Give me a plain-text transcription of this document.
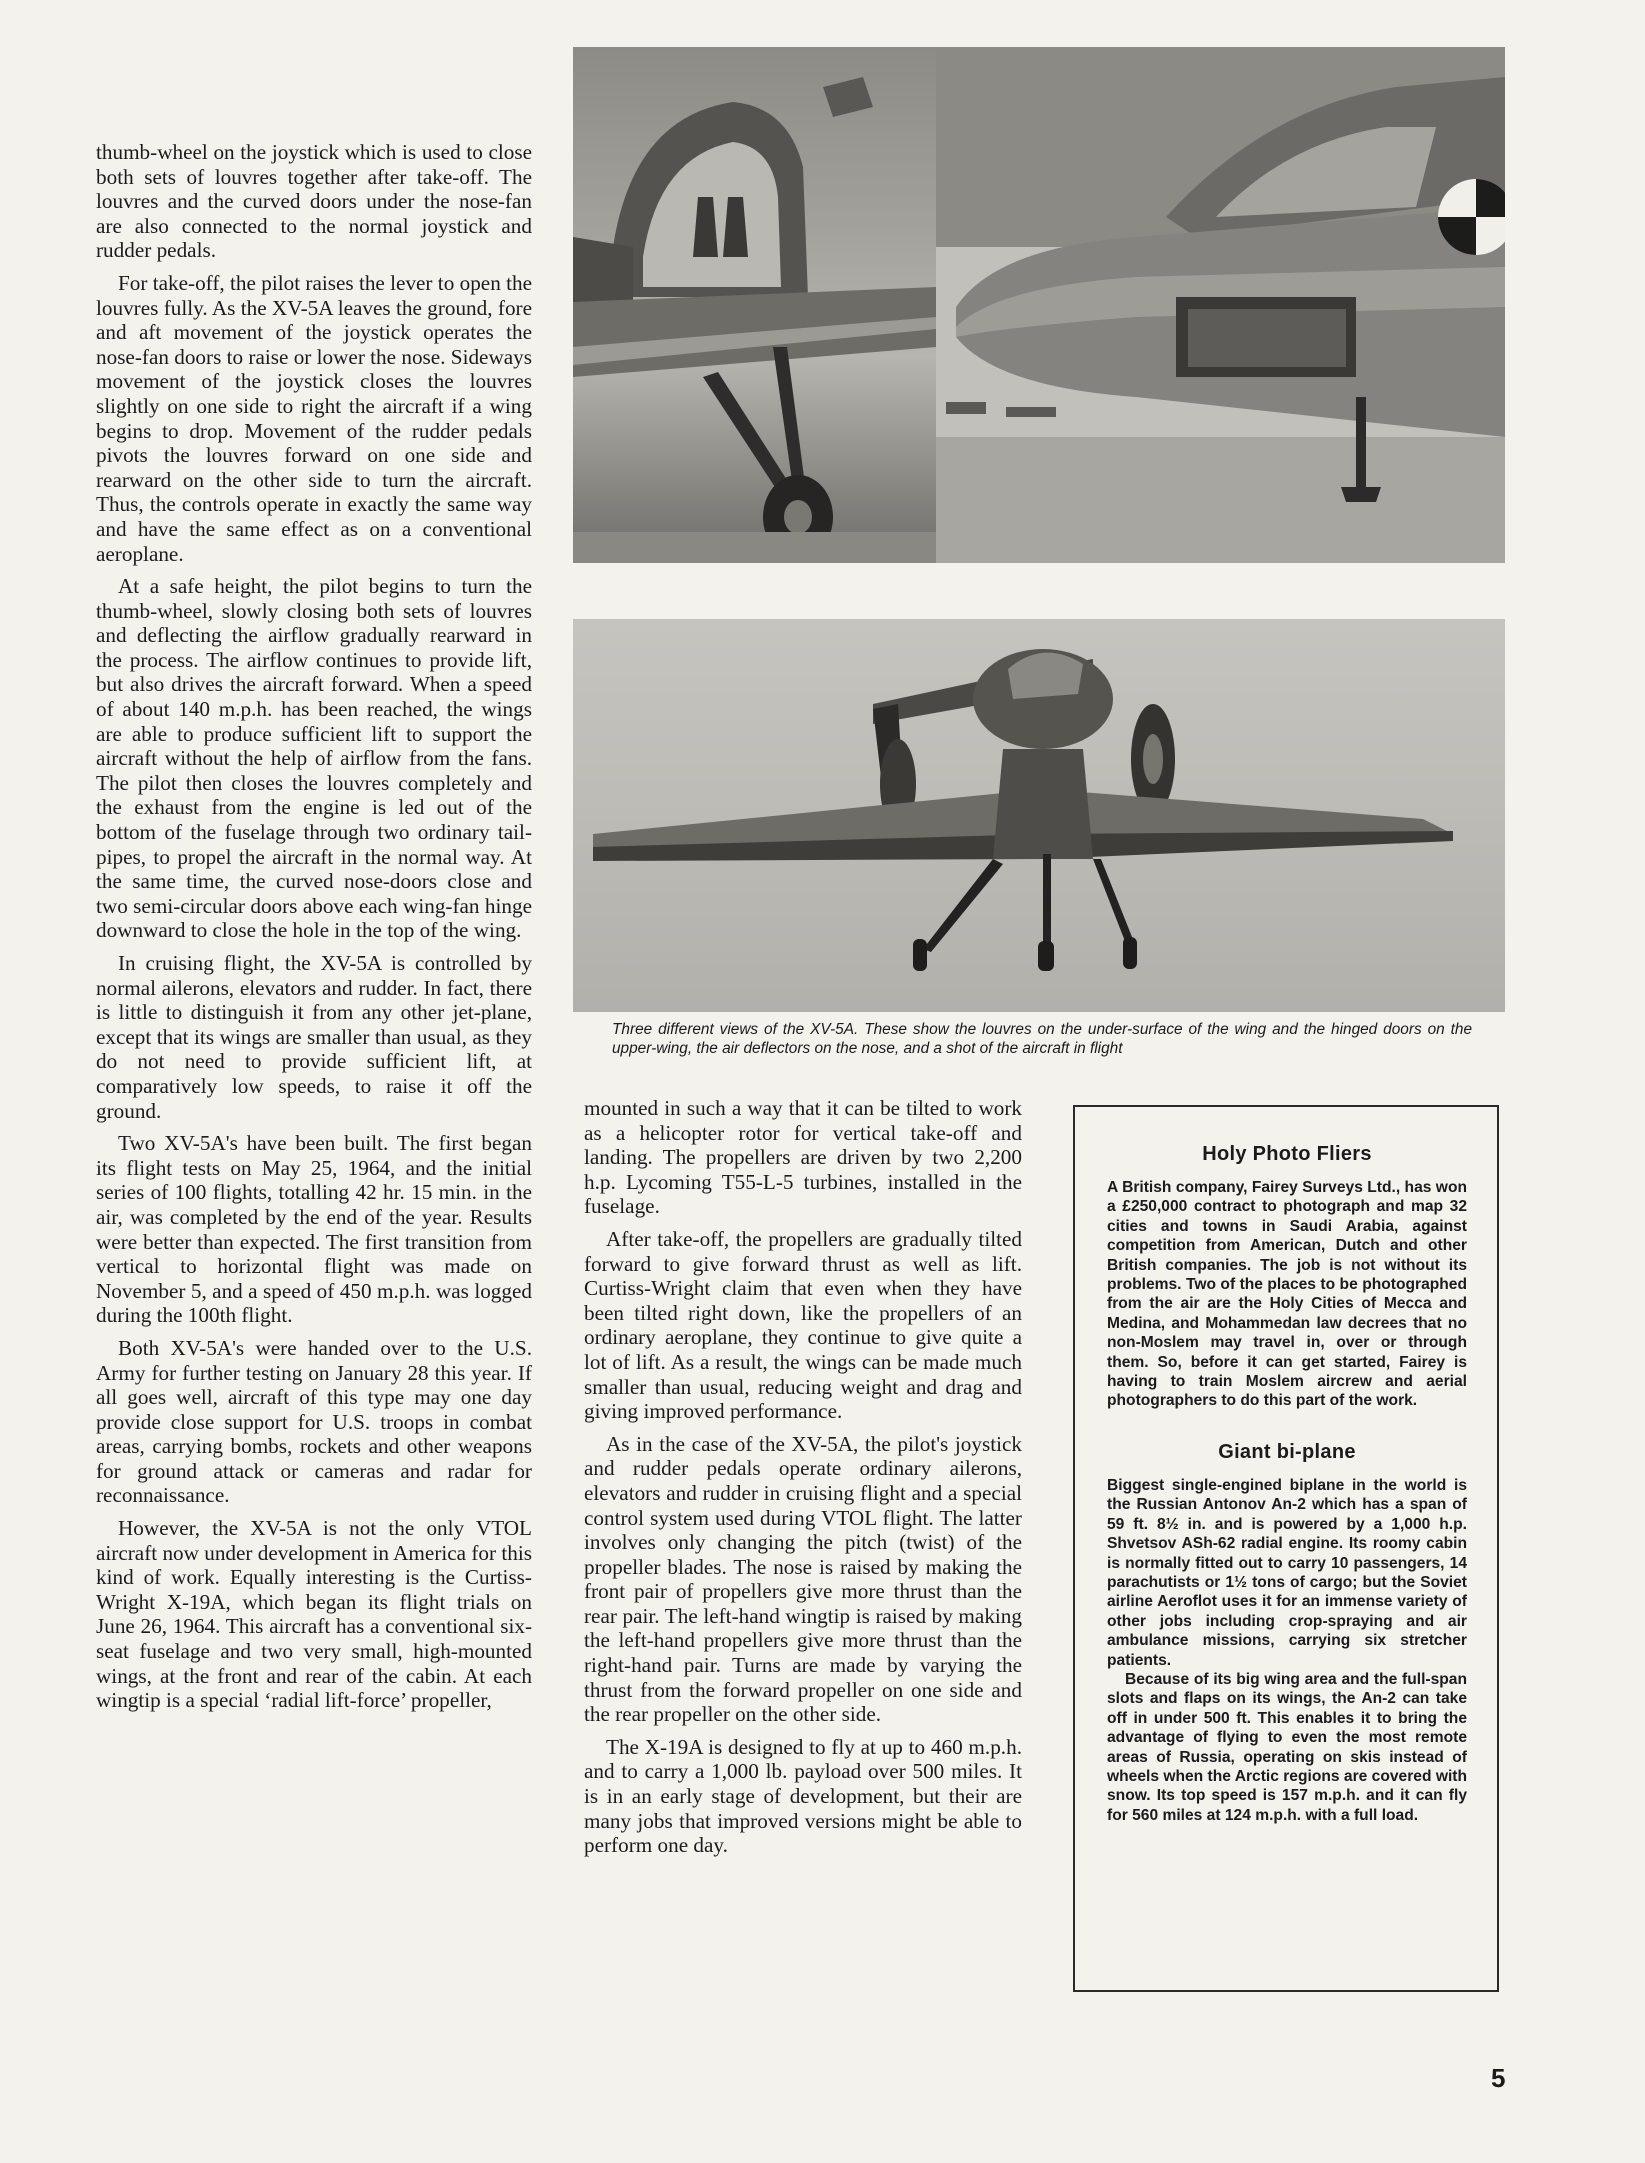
thumb-wheel on the joystick which is used to close both sets of louvres together after take-off. The louvres and the curved doors under the nose-fan are also connected to the normal joystick and rudder pedals.

For take-off, the pilot raises the lever to open the louvres fully. As the XV-5A leaves the ground, fore and aft movement of the joystick operates the nose-fan doors to raise or lower the nose. Sideways movement of the joystick closes the louvres slightly on one side to right the aircraft if a wing begins to drop. Movement of the rudder pedals pivots the louvres forward on one side and rearward on the other side to turn the aircraft. Thus, the controls operate in exactly the same way and have the same effect as on a conventional aeroplane.

At a safe height, the pilot begins to turn the thumb-wheel, slowly closing both sets of louvres and deflecting the airflow gradually rearward in the process. The airflow continues to provide lift, but also drives the aircraft forward. When a speed of about 140 m.p.h. has been reached, the wings are able to produce sufficient lift to support the aircraft without the help of airflow from the fans. The pilot then closes the louvres completely and the exhaust from the engine is led out of the bottom of the fuselage through two ordinary tail-pipes, to propel the aircraft in the normal way. At the same time, the curved nose-doors close and two semi-circular doors above each wing-fan hinge downward to close the hole in the top of the wing.

In cruising flight, the XV-5A is controlled by normal ailerons, elevators and rudder. In fact, there is little to distinguish it from any other jet-plane, except that its wings are smaller than usual, as they do not need to provide sufficient lift, at comparatively low speeds, to raise it off the ground.

Two XV-5A's have been built. The first began its flight tests on May 25, 1964, and the initial series of 100 flights, totalling 42 hr. 15 min. in the air, was completed by the end of the year. Results were better than expected. The first transition from vertical to horizontal flight was made on November 5, and a speed of 450 m.p.h. was logged during the 100th flight.

Both XV-5A's were handed over to the U.S. Army for further testing on January 28 this year. If all goes well, aircraft of this type may one day provide close support for U.S. troops in combat areas, carrying bombs, rockets and other weapons for ground attack or cameras and radar for reconnaissance.

However, the XV-5A is not the only VTOL aircraft now under development in America for this kind of work. Equally interesting is the Curtiss-Wright X-19A, which began its flight trials on June 26, 1964. This aircraft has a conventional six-seat fuselage and two very small, high-mounted wings, at the front and rear of the cabin. At each wingtip is a special ‘radial lift-force’ propeller,

Three different views of the XV-5A. These show the louvres on the under-surface of the wing and the hinged doors on the upper-wing, the air deflectors on the nose, and a shot of the aircraft in flight

mounted in such a way that it can be tilted to work as a helicopter rotor for vertical take-off and landing. The propellers are driven by two 2,200 h.p. Lycoming T55-L-5 turbines, installed in the fuselage.

After take-off, the propellers are gradually tilted forward to give forward thrust as well as lift. Curtiss-Wright claim that even when they have been tilted right down, like the propellers of an ordinary aeroplane, they continue to give quite a lot of lift. As a result, the wings can be made much smaller than usual, reducing weight and drag and giving improved performance.

As in the case of the XV-5A, the pilot's joystick and rudder pedals operate ordinary ailerons, elevators and rudder in cruising flight and a special control system used during VTOL flight. The latter involves only changing the pitch (twist) of the propeller blades. The nose is raised by making the front pair of propellers give more thrust than the rear pair. The left-hand wingtip is raised by making the left-hand propellers give more thrust than the right-hand pair. Turns are made by varying the thrust from the forward propeller on one side and the rear propeller on the other side.

The X-19A is designed to fly at up to 460 m.p.h. and to carry a 1,000 lb. payload over 500 miles. It is in an early stage of development, but their are many jobs that improved versions might be able to perform one day.

Holy Photo Fliers

A British company, Fairey Surveys Ltd., has won a £250,000 contract to photograph and map 32 cities and towns in Saudi Arabia, against competition from American, Dutch and other British companies. The job is not without its problems. Two of the places to be photographed from the air are the Holy Cities of Mecca and Medina, and Mohammedan law decrees that no non-Moslem may travel in, over or through them. So, before it can get started, Fairey is having to train Moslem aircrew and aerial photographers to do this part of the work.

Giant bi-plane

Biggest single-engined biplane in the world is the Russian Antonov An-2 which has a span of 59 ft. 8½ in. and is powered by a 1,000 h.p. Shvetsov ASh-62 radial engine. Its roomy cabin is normally fitted out to carry 10 passengers, 14 parachutists or 1½ tons of cargo; but the Soviet airline Aeroflot uses it for an immense variety of other jobs including crop-spraying and air ambulance missions, carrying six stretcher patients.

Because of its big wing area and the full-span slots and flaps on its wings, the An-2 can take off in under 500 ft. This enables it to bring the advantage of flying to even the most remote areas of Russia, operating on skis instead of wheels when the Arctic regions are covered with snow. Its top speed is 157 m.p.h. and it can fly for 560 miles at 124 m.p.h. with a full load.

5
